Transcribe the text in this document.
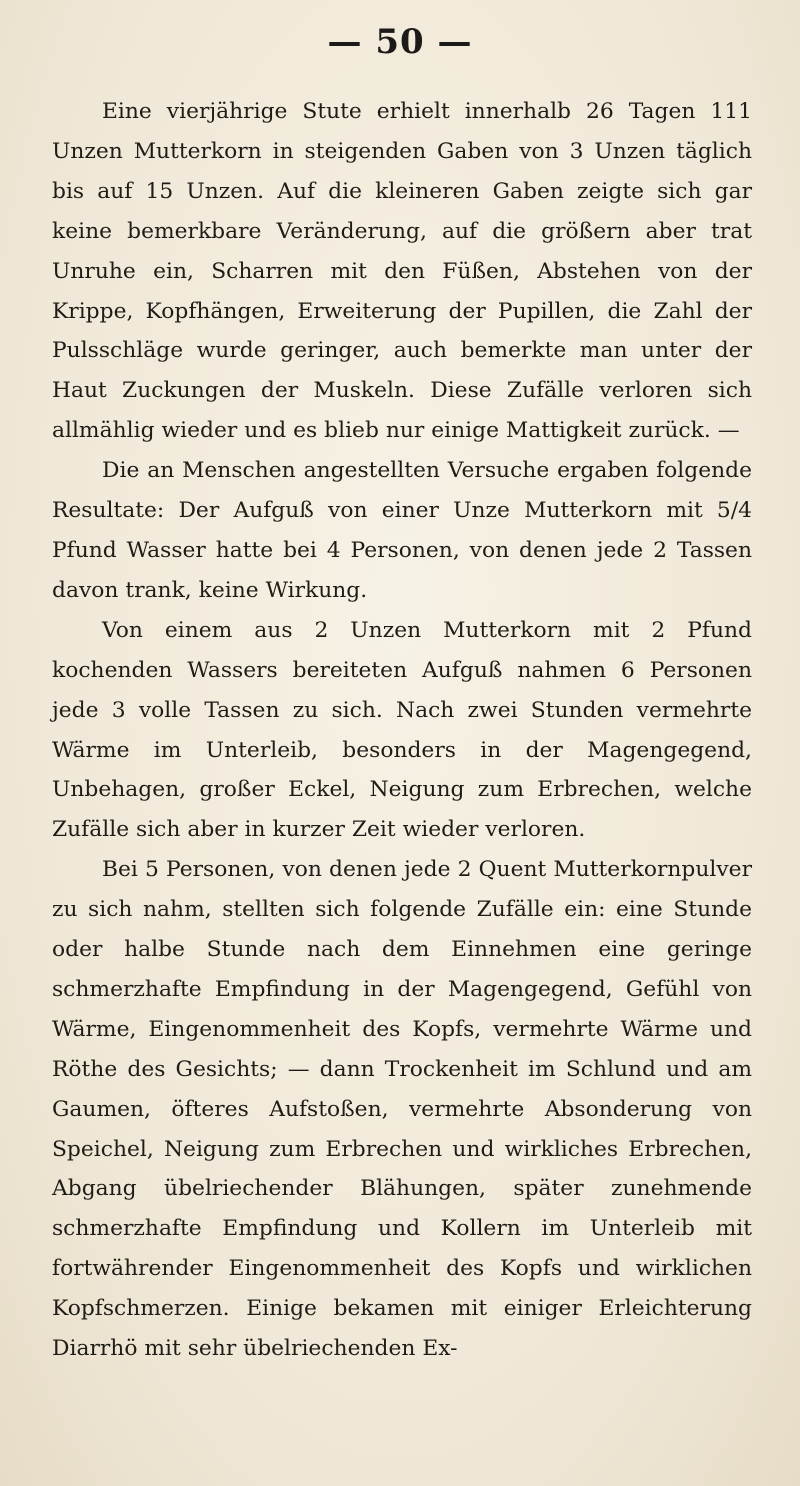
— 50 —

Eine vierjährige Stute erhielt innerhalb 26 Tagen 111 Unzen Mutterkorn in steigenden Gaben von 3 Unzen täglich bis auf 15 Unzen. Auf die kleineren Gaben zeigte sich gar keine bemerkbare Veränderung, auf die größern aber trat Unruhe ein, Scharren mit den Füßen, Abstehen von der Krippe, Kopfhängen, Erweiterung der Pupillen, die Zahl der Pulsschläge wurde geringer, auch bemerkte man unter der Haut Zuckungen der Muskeln. Diese Zufälle verloren sich allmählig wieder und es blieb nur einige Mattigkeit zurück. —

Die an Menschen angestellten Versuche ergaben folgende Resultate: Der Aufguß von einer Unze Mutterkorn mit 5/4 Pfund Wasser hatte bei 4 Personen, von denen jede 2 Tassen davon trank, keine Wirkung.

Von einem aus 2 Unzen Mutterkorn mit 2 Pfund kochenden Wassers bereiteten Aufguß nahmen 6 Personen jede 3 volle Tassen zu sich. Nach zwei Stunden vermehrte Wärme im Unterleib, besonders in der Magengegend, Unbehagen, großer Eckel, Neigung zum Erbrechen, welche Zufälle sich aber in kurzer Zeit wieder verloren.

Bei 5 Personen, von denen jede 2 Quent Mutterkornpulver zu sich nahm, stellten sich folgende Zufälle ein: eine Stunde oder halbe Stunde nach dem Einnehmen eine geringe schmerzhafte Empfindung in der Magengegend, Gefühl von Wärme, Eingenommenheit des Kopfs, vermehrte Wärme und Röthe des Gesichts; — dann Trockenheit im Schlund und am Gaumen, öfteres Aufstoßen, vermehrte Absonderung von Speichel, Neigung zum Erbrechen und wirkliches Erbrechen, Abgang übelriechender Blähungen, später zunehmende schmerzhafte Empfindung und Kollern im Unterleib mit fortwährender Eingenommenheit des Kopfs und wirklichen Kopfschmerzen. Einige bekamen mit einiger Erleichterung Diarrhö mit sehr übelriechenden Ex-
